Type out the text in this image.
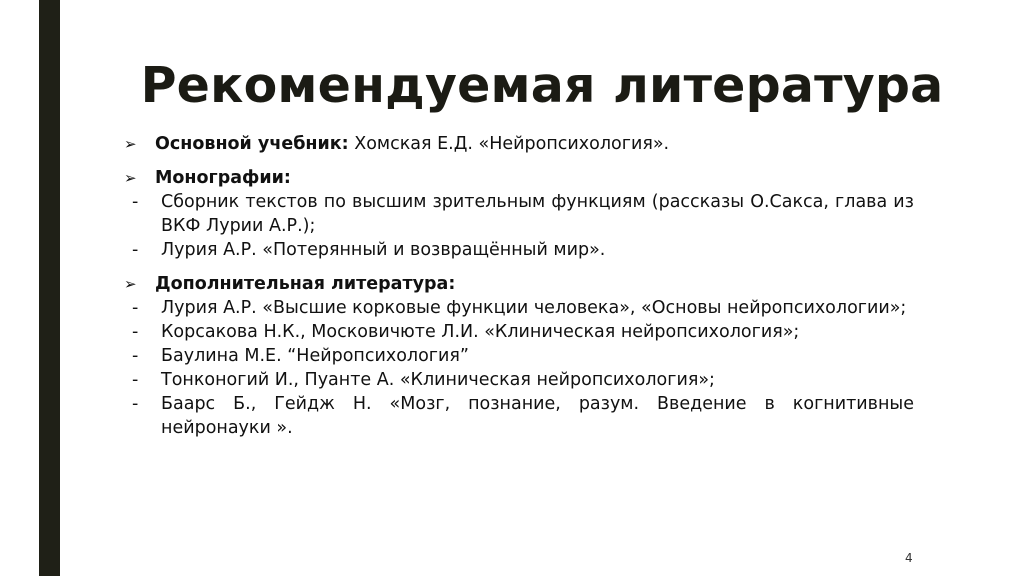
Рекомендуемая литература
➢	Основной учебник: Хомская Е.Д. «Нейропсихология».
➢	Монографии:
-	Сборник текстов по высшим зрительным функциям (рассказы О.Сакса, глава из ВКФ Лурии А.Р.);
-	Лурия А.Р. «Потерянный и возвращённый мир».
➢	Дополнительная литература:
-	Лурия А.Р. «Высшие корковые функции человека», «Основы нейропсихологии»;
-	Корсакова Н.К., Московичюте Л.И. «Клиническая нейропсихология»;
-	Баулина М.Е. “Нейропсихология”
-	Тонконогий И., Пуанте А. «Клиническая нейропсихология»;
-	Баарс Б., Гейдж Н. «Мозг, познание, разум. Введение в когнитивные нейронауки ».
4
